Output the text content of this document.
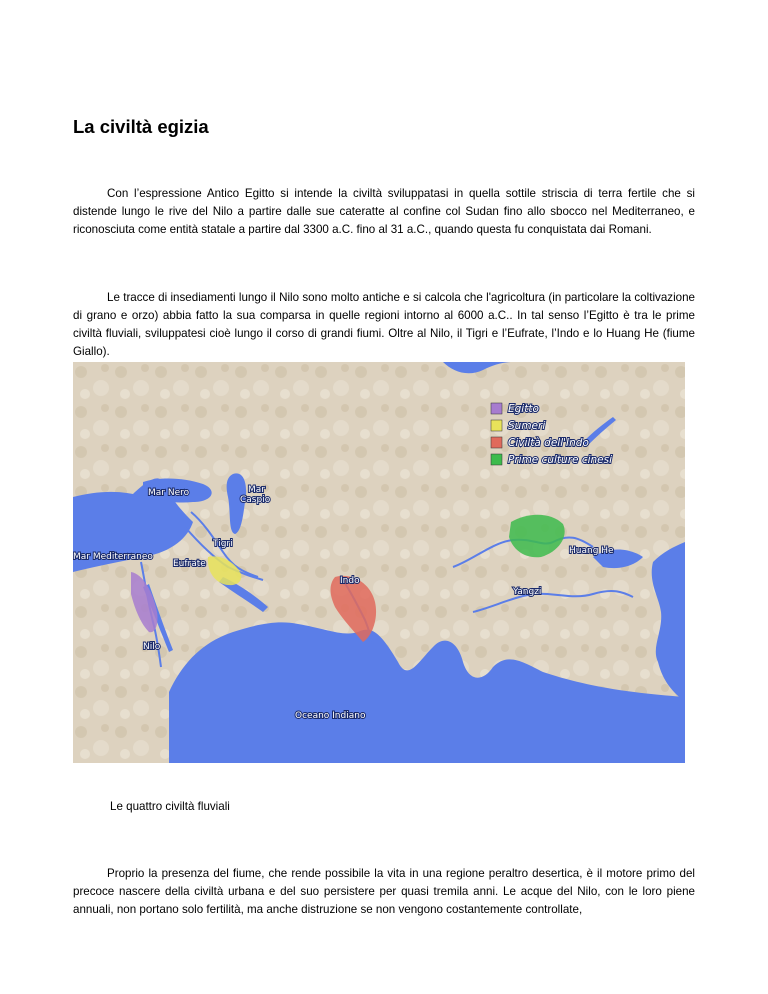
La civiltà egizia

Con l’espressione Antico Egitto si intende la civiltà sviluppatasi in quella sottile striscia di terra fertile che si distende lungo le rive del Nilo a partire dalle sue cateratte al confine col Sudan fino allo sbocco nel Mediterraneo, e riconosciuta come entità statale a partire dal 3300 a.C. fino al 31 a.C., quando questa fu conquistata dai Romani.

Le tracce di insediamenti lungo il Nilo sono molto antiche e si calcola che l'agricoltura (in particolare la coltivazione di grano e orzo) abbia fatto la sua comparsa in quelle regioni intorno al 6000 a.C.. In tal senso l’Egitto è tra le prime civiltà fluviali, sviluppatesi cioè lungo il corso di grandi fiumi. Oltre al Nilo, il Tigri e l’Eufrate, l’Indo e lo Huang He (fiume Giallo).

Mar Nero	Mar
Caspio
Mar Mediterraneo
Tigri
Eufrate
Nilo
Indo
Huang He
Yangzi
Oceano Indiano
Egitto
Sumeri
Civiltà dell'Indo
Prime culture cinesi

Le quattro civiltà fluviali

Proprio la presenza del fiume, che rende possibile la vita in una regione peraltro desertica, è il motore primo del precoce nascere della civiltà urbana e del suo persistere per quasi tremila anni. Le acque del Nilo, con le loro piene annuali, non portano solo fertilità, ma anche distruzione se non vengono costantemente controllate,
